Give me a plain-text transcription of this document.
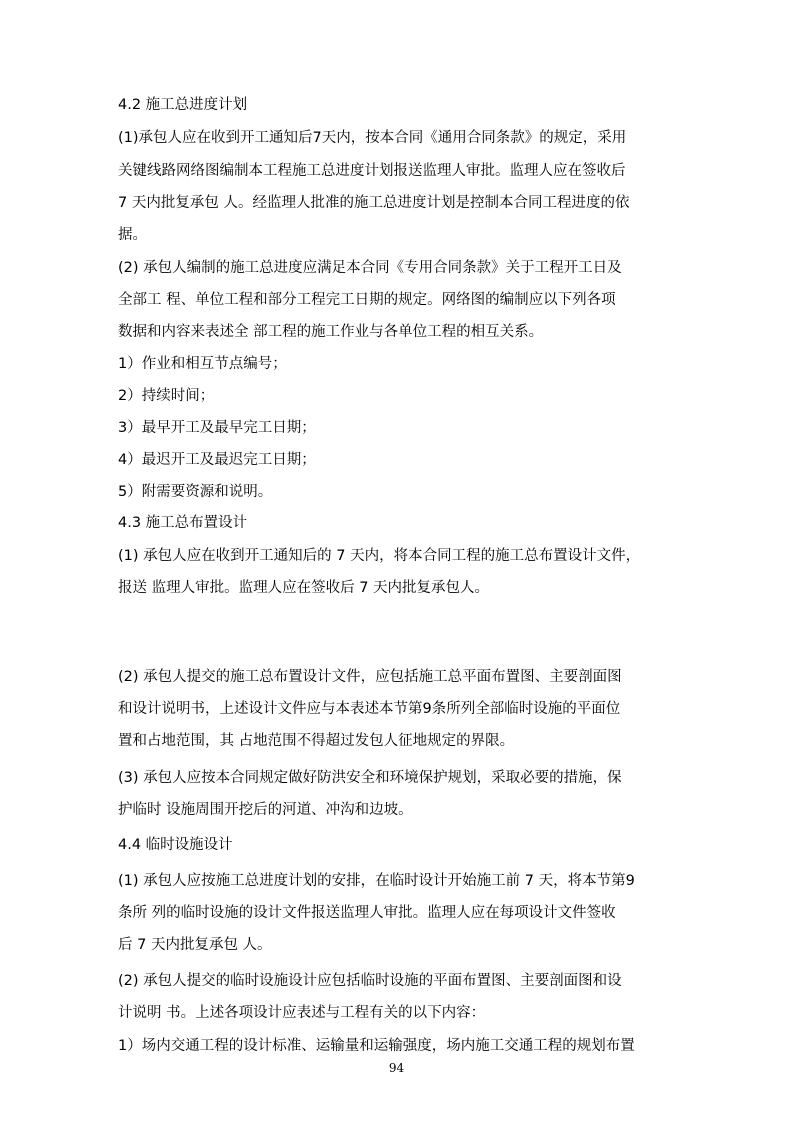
4.2 施工总进度计划
(1)承包人应在收到开工通知后7天内，按本合同《通用合同条款》的规定，采用
关键线路网络图编制本工程施工总进度计划报送监理人审批。监理人应在签收后
7 天内批复承包 人。经监理人批准的施工总进度计划是控制本合同工程进度的依
据。
(2) 承包人编制的施工总进度应满足本合同《专用合同条款》关于工程开工日及
全部工 程、单位工程和部分工程完工日期的规定。网络图的编制应以下列各项
数据和内容来表述全 部工程的施工作业与各单位工程的相互关系。
1）作业和相互节点编号；
2）持续时间；
3）最早开工及最早完工日期；
4）最迟开工及最迟完工日期；
5）附需要资源和说明。
4.3 施工总布置设计
(1) 承包人应在收到开工通知后的 7 天内，将本合同工程的施工总布置设计文件，
报送 监理人审批。监理人应在签收后 7 天内批复承包人。
(2) 承包人提交的施工总布置设计文件，应包括施工总平面布置图、主要剖面图
和设计说明书，上述设计文件应与本表述本节第9条所列全部临时设施的平面位
置和占地范围，其 占地范围不得超过发包人征地规定的界限。
(3) 承包人应按本合同规定做好防洪安全和环境保护规划，采取必要的措施，保
护临时 设施周围开挖后的河道、冲沟和边坡。
4.4 临时设施设计
(1) 承包人应按施工总进度计划的安排，在临时设计开始施工前 7 天，将本节第9
条所 列的临时设施的设计文件报送监理人审批。监理人应在每项设计文件签收
后 7 天内批复承包 人。
(2) 承包人提交的临时设施设计应包括临时设施的平面布置图、主要剖面图和设
计说明 书。上述各项设计应表述与工程有关的以下内容：
1）场内交通工程的设计标准、运输量和运输强度，场内施工交通工程的规划布置
94
